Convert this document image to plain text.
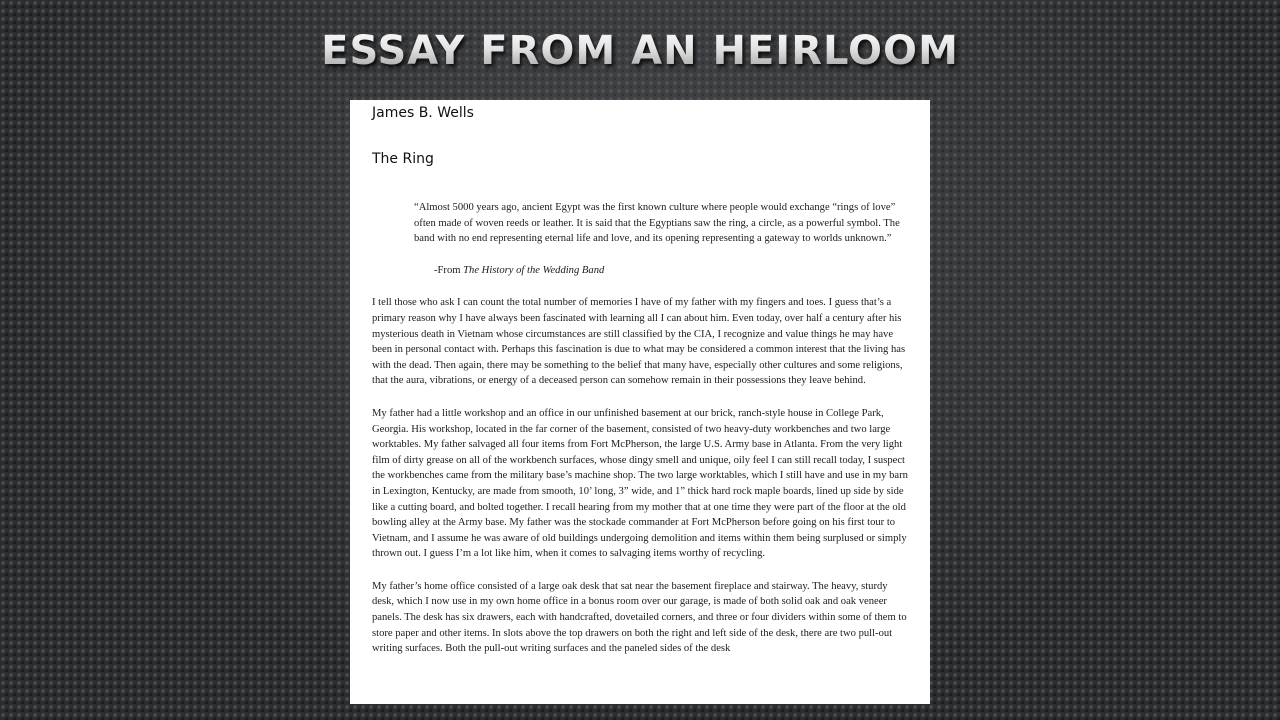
ESSAY FROM AN HEIRLOOM
James B. Wells
The Ring
“Almost 5000 years ago, ancient Egypt was the first known culture where people would exchange “rings of love” often made of woven reeds or leather. It is said that the Egyptians saw the ring, a circle, as a powerful symbol. The band with no end representing eternal life and love, and its opening representing a gateway to worlds unknown.”
-From The History of the Wedding Band

I tell those who ask I can count the total number of memories I have of my father with my fingers and toes. I guess that’s a primary reason why I have always been fascinated with learning all I can about him. Even today, over half a century after his mysterious death in Vietnam whose circumstances are still classified by the CIA, I recognize and value things he may have been in personal contact with. Perhaps this fascination is due to what may be considered a common interest that the living has with the dead. Then again, there may be something to the belief that many have, especially other cultures and some religions, that the aura, vibrations, or energy of a deceased person can somehow remain in their possessions they leave behind.

My father had a little workshop and an office in our unfinished basement at our brick, ranch-style house in College Park, Georgia. His workshop, located in the far corner of the basement, consisted of two heavy-duty workbenches and two large worktables. My father salvaged all four items from Fort McPherson, the large U.S. Army base in Atlanta. From the very light film of dirty grease on all of the workbench surfaces, whose dingy smell and unique, oily feel I can still recall today, I suspect the workbenches came from the military base’s machine shop. The two large worktables, which I still have and use in my barn in Lexington, Kentucky, are made from smooth, 10’ long, 3” wide, and 1” thick hard rock maple boards, lined up side by side like a cutting board, and bolted together. I recall hearing from my mother that at one time they were part of the floor at the old bowling alley at the Army base. My father was the stockade commander at Fort McPherson before going on his first tour to Vietnam, and I assume he was aware of old buildings undergoing demolition and items within them being surplused or simply thrown out. I guess I’m a lot like him, when it comes to salvaging items worthy of recycling.

My father’s home office consisted of a large oak desk that sat near the basement fireplace and stairway. The heavy, sturdy desk, which I now use in my own home office in a bonus room over our garage, is made of both solid oak and oak veneer panels. The desk has six drawers, each with handcrafted, dovetailed corners, and three or four dividers within some of them to store paper and other items. In slots above the top drawers on both the right and left side of the desk, there are two pull-out writing surfaces. Both the pull-out writing surfaces and the paneled sides of the desk
